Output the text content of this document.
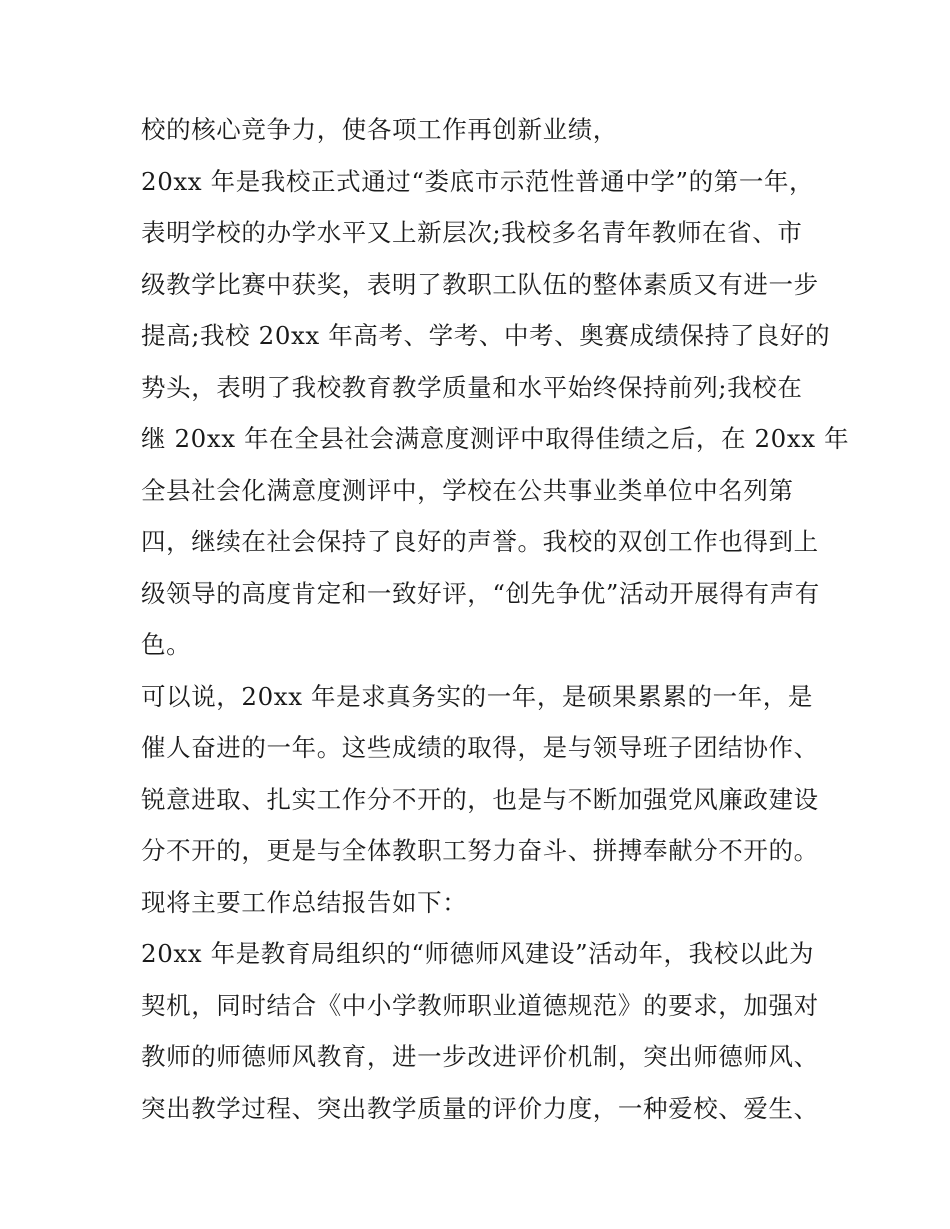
校的核心竞争力，使各项工作再创新业绩，
20xx 年是我校正式通过“娄底市示范性普通中学”的第一年，
表明学校的办学水平又上新层次;我校多名青年教师在省、市
级教学比赛中获奖，表明了教职工队伍的整体素质又有进一步
提高;我校 20xx 年高考、学考、中考、奥赛成绩保持了良好的
势头，表明了我校教育教学质量和水平始终保持前列;我校在
继 20xx 年在全县社会满意度测评中取得佳绩之后，在 20xx 年
全县社会化满意度测评中，学校在公共事业类单位中名列第
四，继续在社会保持了良好的声誉。我校的双创工作也得到上
级领导的高度肯定和一致好评，“创先争优”活动开展得有声有
色。
可以说，20xx 年是求真务实的一年，是硕果累累的一年，是
催人奋进的一年。这些成绩的取得，是与领导班子团结协作、
锐意进取、扎实工作分不开的，也是与不断加强党风廉政建设
分不开的，更是与全体教职工努力奋斗、拼搏奉献分不开的。
现将主要工作总结报告如下：
20xx 年是教育局组织的“师德师风建设”活动年，我校以此为
契机，同时结合《中小学教师职业道德规范》的要求，加强对
教师的师德师风教育，进一步改进评价机制，突出师德师风、
突出教学过程、突出教学质量的评价力度，一种爱校、爱生、
